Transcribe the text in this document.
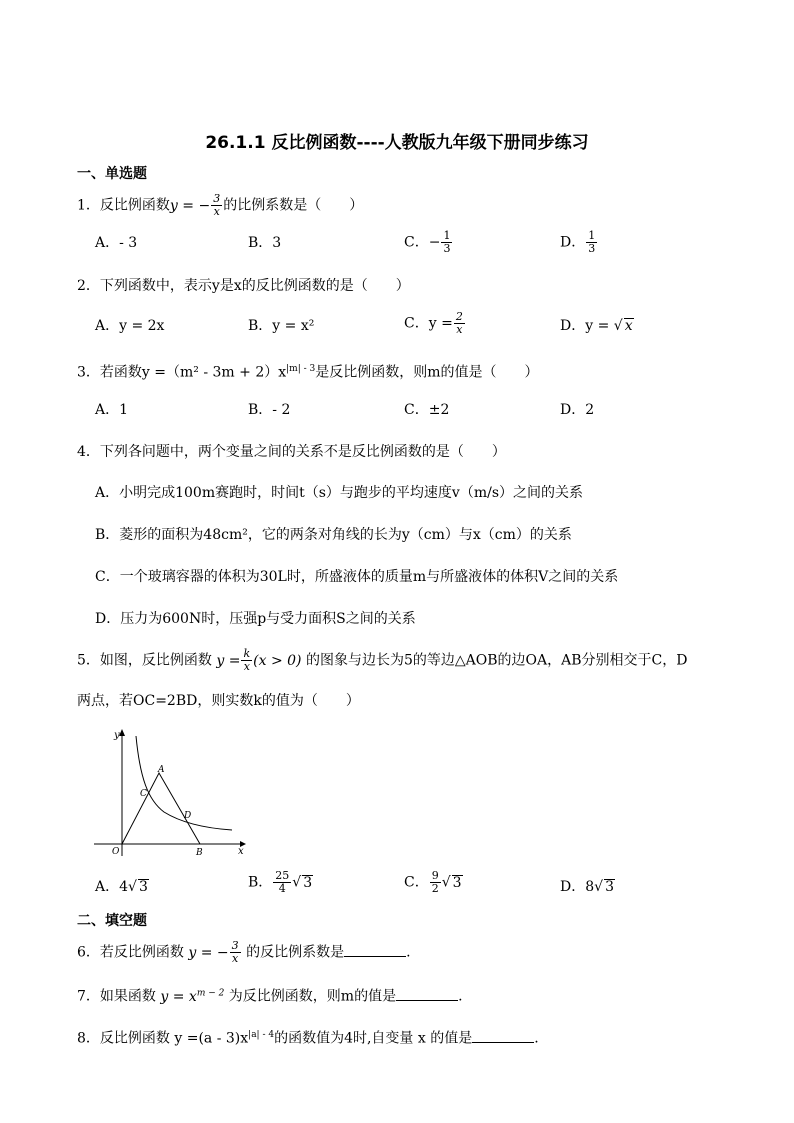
26.1.1 反比例函数----人教版九年级下册同步练习
一、单选题
1．反比例函数y = − $\frac{3}{x}$ 的比例系数是（　　）
A．- 3	B．3	C．− $\frac{1}{3}$	D． $\frac{1}{3}$
2．下列函数中，表示y是x的反比例函数的是（　　）
A．y = 2x	B．y = x²	C．$y = \frac{2}{x}$	D．y = √ x
3．若函数$y =(m^2 - 3m + 2)x^{|m| - 3}$是反比例函数，则m的值是（　　）
A．1	B．- 2	C．±2	D．2
4．下列各问题中，两个变量之间的关系不是反比例函数的是（　　）
A．小明完成100m赛跑时，时间t（s）与跑步的平均速度v（m/s）之间的关系
B．菱形的面积为48cm²，它的两条对角线的长为y（cm）与x（cm）的关系
C．一个玻璃容器的体积为30L时，所盛液体的质量m与所盛液体的体积V之间的关系
D．压力为600N时，压强p与受力面积S之间的关系
5．如图，反比例函数 $y = \frac{k}{x} (x > 0)$ 的图象与边长为5的等边△AOB的边OA，AB分别相交于C，D
两点，若OC=2BD，则实数k的值为（　　）
y
x
O
A
B
C
D
A．4√ 3	B． $\frac{25}{4}$ √ 3	C． $\frac{9}{2}$ √ 3	D．8√ 3
二、填空题
6．若反比例函数 y = − $\frac{3}{x}$ 的反比例系数是	.
7．如果函数 $y = x^{m - 2}$ 为反比例函数，则m的值是	.
8．反比例函数 $y =(a - 3)x^{|a| - 4}$的函数值为4时,自变量 x 的值是	.
